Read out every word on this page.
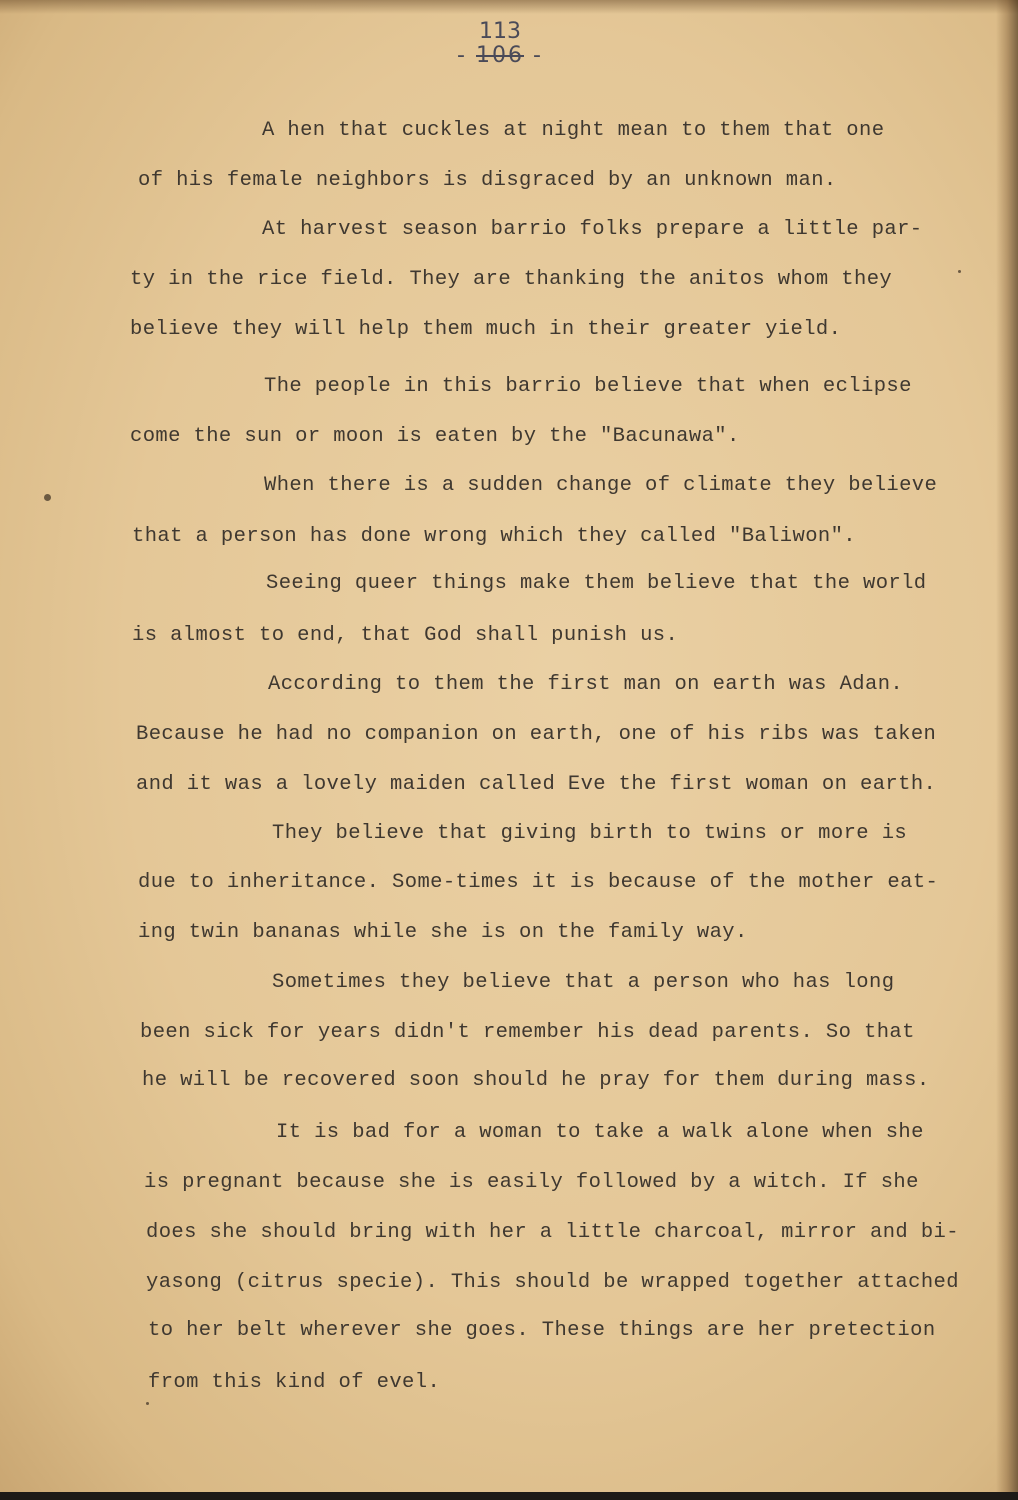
113
- 106 -
A hen that cuckles at night mean to them that one
of his female neighbors is disgraced by an unknown man.
At harvest season barrio folks prepare a little par-
ty in the rice field. They are thanking the anitos whom they
believe they will help them much in their greater yield.
The people in this barrio believe that when eclipse
come the sun or moon is eaten by the "Bacunawa".
When there is a sudden change of climate they believe
that a person has done wrong which they called "Baliwon".
Seeing queer things make them believe that the world
is almost to end, that God shall punish us.
According to them the first man on earth was Adan.
Because he had no companion on earth, one of his ribs was taken
and it was a lovely maiden called Eve the first woman on earth.
They believe that giving birth to twins or more is
due to inheritance. Some-times it is because of the mother eat-
ing twin bananas while she is on the family way.
Sometimes they believe that a person who has long
been sick for years didn't remember his dead parents. So that
he will be recovered soon should he pray for them during mass.
It is bad for a woman to take a walk alone when she
is pregnant because she is easily followed by a witch. If she
does she should bring with her a little charcoal, mirror and bi-
yasong (citrus specie). This should be wrapped together attached
to her belt wherever she goes. These things are her pretection
from this kind of evel.
